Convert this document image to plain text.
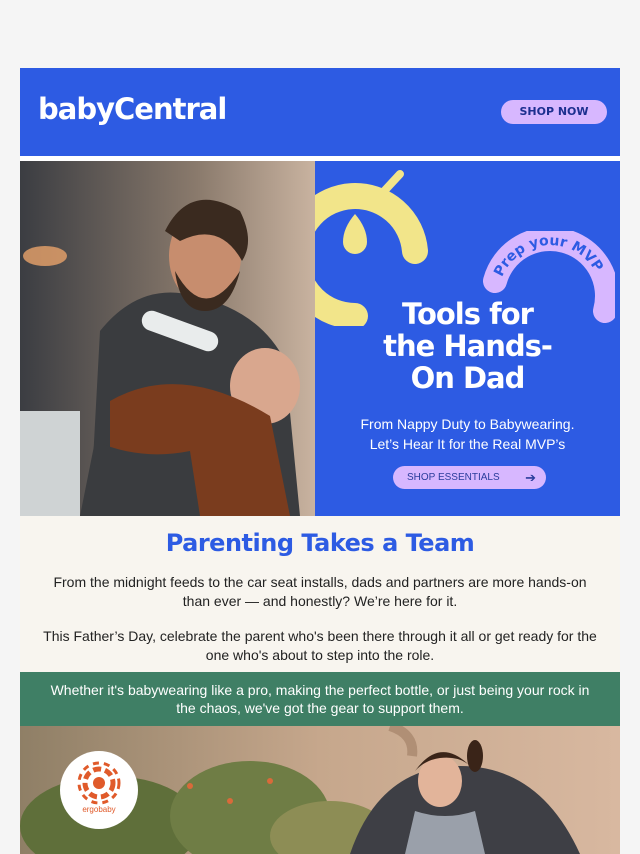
babyCentral	SHOP NOW
Prep your MVP
Tools for
the Hands-
On Dad
From Nappy Duty to Babywearing.
Let’s Hear It for the Real MVP’s
SHOP ESSENTIALS ➔
Parenting Takes a Team

From the midnight feeds to the car seat installs, dads and partners are more hands-on than ever — and honestly? We’re here for it.

This Father’s Day, celebrate the parent who's been there through it all or get ready for the one who's about to step into the role.

Whether it's babywearing like a pro, making the perfect bottle, or just being your rock in the chaos, we've got the gear to support them.
ergobaby
